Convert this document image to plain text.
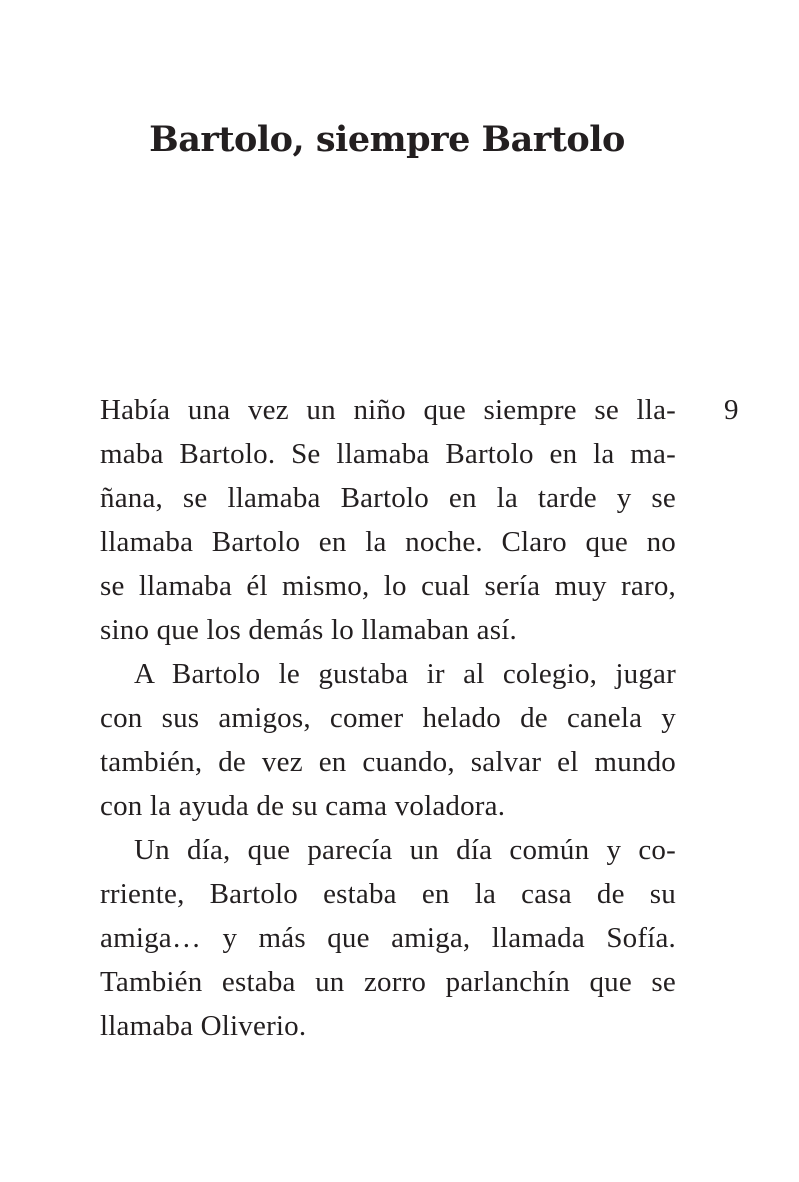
Bartolo, siempre Bartolo
9
Había una vez un niño que siempre se lla-
maba Bartolo. Se llamaba Bartolo en la ma-
ñana, se llamaba Bartolo en la tarde y se
llamaba Bartolo en la noche. Claro que no
se llamaba él mismo, lo cual sería muy raro,
sino que los demás lo llamaban así.
A Bartolo le gustaba ir al colegio, jugar
con sus amigos, comer helado de canela y
también, de vez en cuando, salvar el mundo
con la ayuda de su cama voladora.
Un día, que parecía un día común y co-
rriente, Bartolo estaba en la casa de su
amiga… y más que amiga, llamada Sofía.
También estaba un zorro parlanchín que se
llamaba Oliverio.
